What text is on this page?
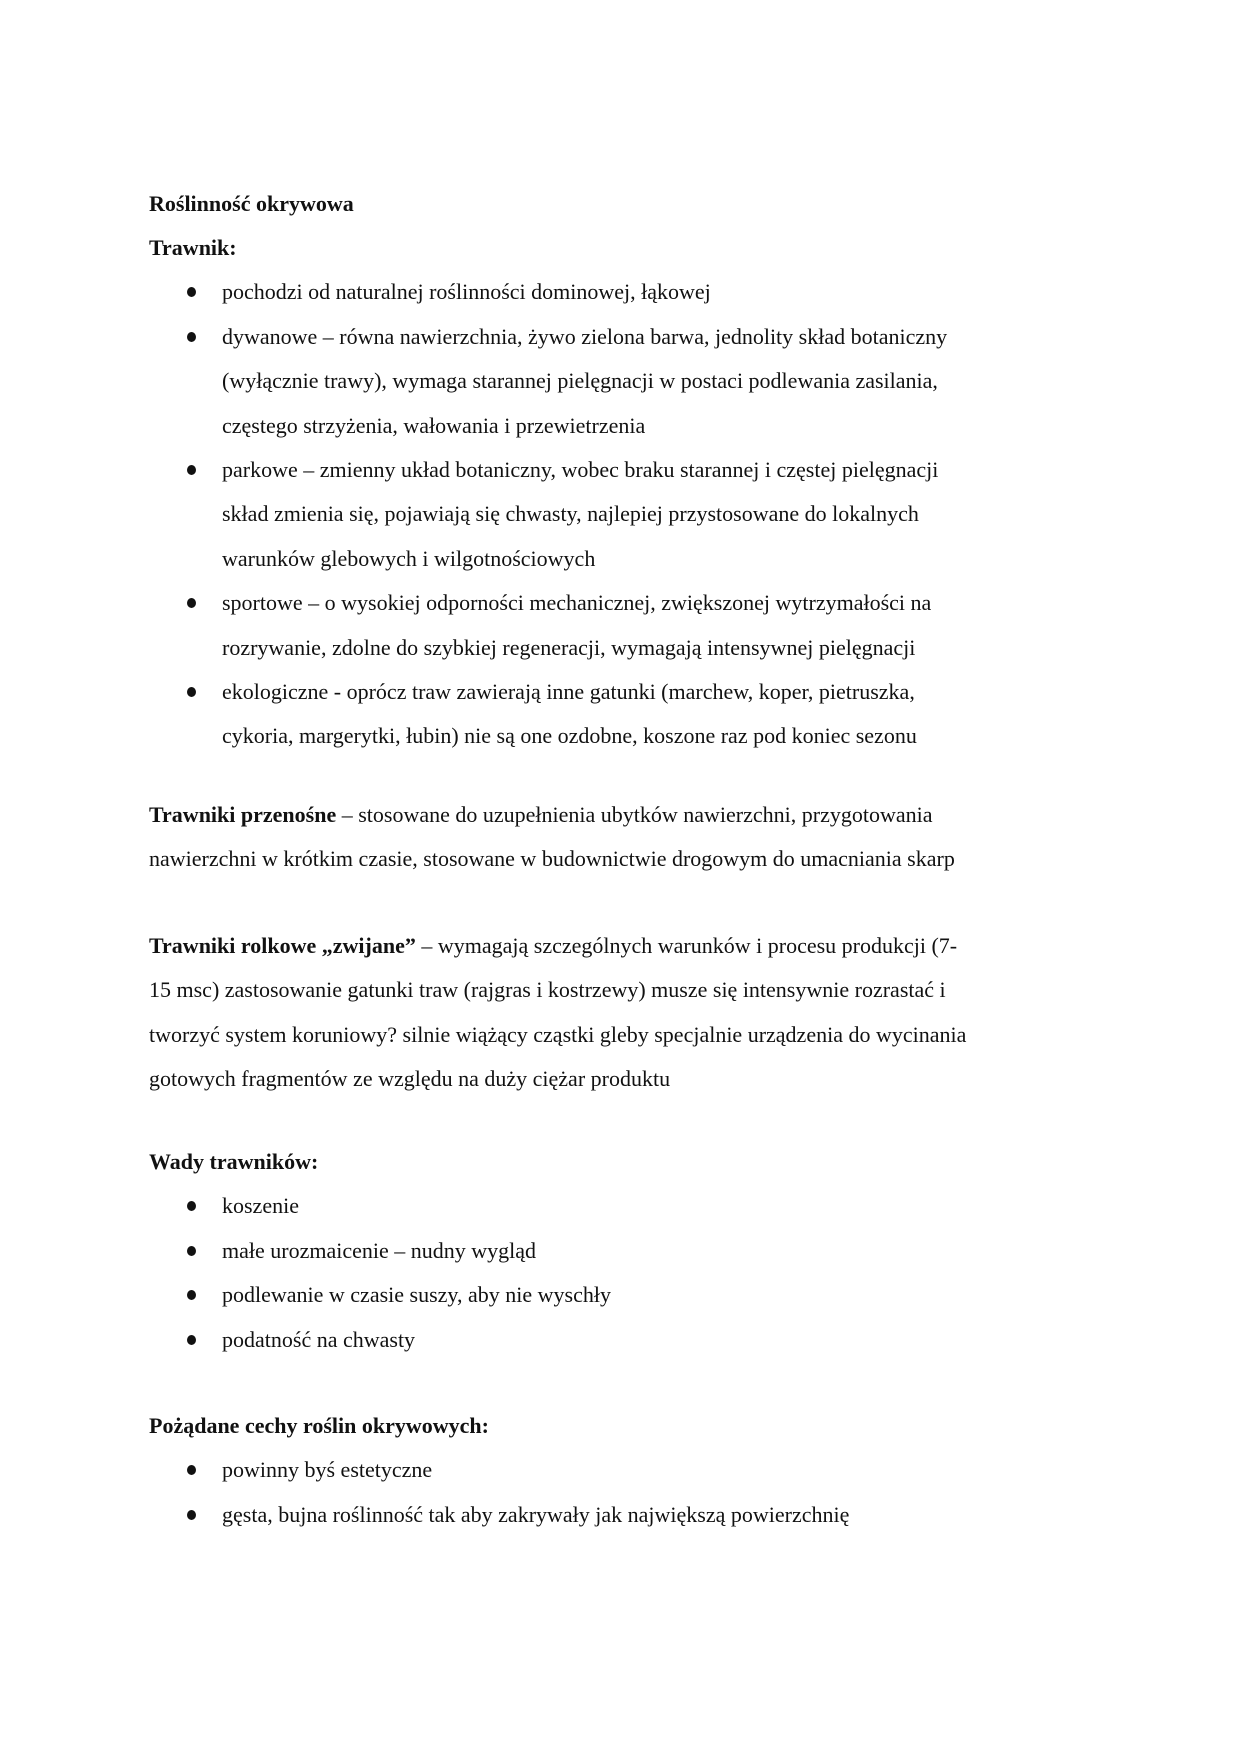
Roślinność okrywowa
Trawnik:
pochodzi od naturalnej roślinności dominowej, łąkowej
dywanowe – równa nawierzchnia, żywo zielona barwa, jednolity skład botaniczny
(wyłącznie trawy), wymaga starannej pielęgnacji w postaci podlewania zasilania,
częstego strzyżenia, wałowania i przewietrzenia
parkowe – zmienny układ botaniczny, wobec braku starannej i częstej pielęgnacji
skład zmienia się, pojawiają się chwasty, najlepiej przystosowane do lokalnych
warunków glebowych i wilgotnościowych
sportowe – o wysokiej odporności mechanicznej, zwiększonej wytrzymałości na
rozrywanie, zdolne do szybkiej regeneracji, wymagają intensywnej pielęgnacji
ekologiczne - oprócz traw zawierają inne gatunki (marchew, koper, pietruszka,
cykoria, margerytki, łubin) nie są one ozdobne, koszone raz pod koniec sezonu
Trawniki przenośne – stosowane do uzupełnienia ubytków nawierzchni, przygotowania
nawierzchni w krótkim czasie, stosowane w budownictwie drogowym do umacniania skarp
Trawniki rolkowe „zwijane” – wymagają szczególnych warunków i procesu produkcji (7-
15 msc) zastosowanie gatunki traw (rajgras i kostrzewy) musze się intensywnie rozrastać i
tworzyć system koruniowy? silnie wiążący cząstki gleby specjalnie urządzenia do wycinania
gotowych fragmentów ze względu na duży ciężar produktu
Wady trawników:
koszenie
małe urozmaicenie – nudny wygląd
podlewanie w czasie suszy, aby nie wyschły
podatność na chwasty
Pożądane cechy roślin okrywowych:
powinny byś estetyczne
gęsta, bujna roślinność tak aby zakrywały jak największą powierzchnię
